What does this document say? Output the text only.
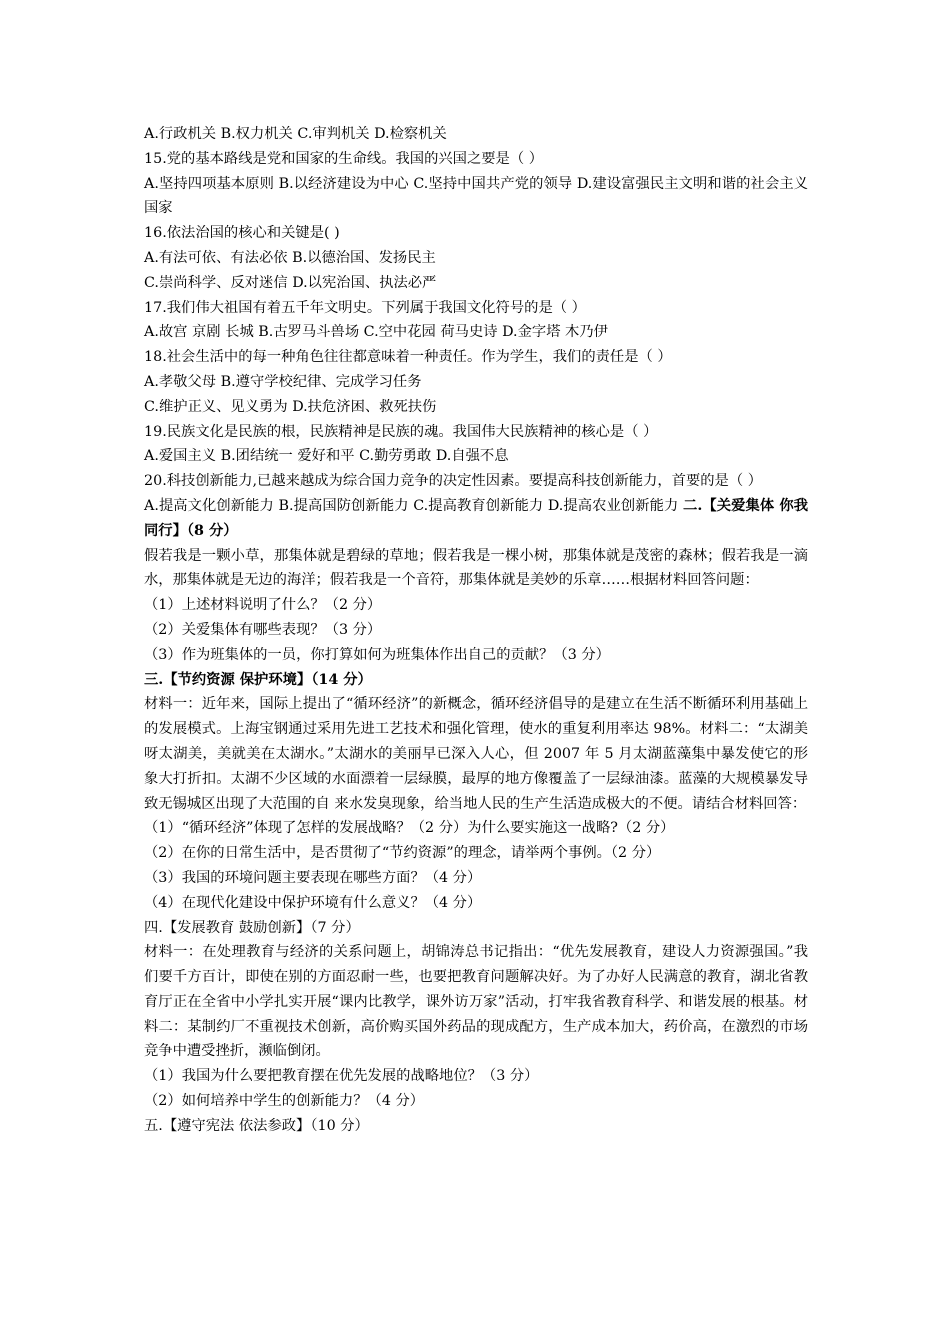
A.行政机关 B.权力机关 C.审判机关 D.检察机关
15.党的基本路线是党和国家的生命线。我国的兴国之要是（ ）
A.坚持四项基本原则 B.以经济建设为中心 C.坚持中国共产党的领导 D.建设富强民主文明和谐的社会主义国家
16.依法治国的核心和关键是( )
A.有法可依、有法必依 B.以德治国、发扬民主
C.崇尚科学、反对迷信 D.以宪治国、执法必严
17.我们伟大祖国有着五千年文明史。下列属于我国文化符号的是（ ）
A.故宫 京剧 长城 B.古罗马斗兽场 C.空中花园 荷马史诗 D.金字塔 木乃伊
18.社会生活中的每一种角色往往都意味着一种责任。作为学生，我们的责任是（ ）
A.孝敬父母 B.遵守学校纪律、完成学习任务
C.维护正义、见义勇为 D.扶危济困、救死扶伤
19.民族文化是民族的根，民族精神是民族的魂。我国伟大民族精神的核心是（ ）
A.爱国主义 B.团结统一 爱好和平 C.勤劳勇敢 D.自强不息
20.科技创新能力,已越来越成为综合国力竞争的决定性因素。要提高科技创新能力，首要的是（ ）
A.提高文化创新能力 B.提高国防创新能力 C.提高教育创新能力 D.提高农业创新能力 二.【关爱集体 你我同行】（8 分）
假若我是一颗小草，那集体就是碧绿的草地；假若我是一棵小树，那集体就是茂密的森林；假若我是一滴水，那集体就是无边的海洋；假若我是一个音符，那集体就是美妙的乐章……根据材料回答问题：
（1）上述材料说明了什么？（2 分）
（2）关爱集体有哪些表现？（3 分）
（3）作为班集体的一员，你打算如何为班集体作出自己的贡献？（3 分）
三.【节约资源 保护环境】（14 分）
材料一：近年来，国际上提出了“循环经济”的新概念，循环经济倡导的是建立在生活不断循环利用基础上的发展模式。上海宝钢通过采用先进工艺技术和强化管理，使水的重复利用率达 98%。材料二：“太湖美呀太湖美，美就美在太湖水。”太湖水的美丽早已深入人心，但 2007 年 5 月太湖蓝藻集中暴发使它的形象大打折扣。太湖不少区域的水面漂着一层绿膜，最厚的地方像覆盖了一层绿油漆。蓝藻的大规模暴发导致无锡城区出现了大范围的自 来水发臭现象，给当地人民的生产生活造成极大的不便。请结合材料回答：
（1）“循环经济”体现了怎样的发展战略？（2 分）为什么要实施这一战略?（2 分）
（2）在你的日常生活中，是否贯彻了“节约资源”的理念，请举两个事例。（2 分）
（3）我国的环境问题主要表现在哪些方面？（4 分）
（4）在现代化建设中保护环境有什么意义？（4 分）
四.【发展教育 鼓励创新】（7 分）
材料一：在处理教育与经济的关系问题上，胡锦涛总书记指出：“优先发展教育，建设人力资源强国。”我们要千方百计，即使在别的方面忍耐一些，也要把教育问题解决好。为了办好人民满意的教育，湖北省教育厅正在全省中小学扎实开展“课内比教学，课外访万家”活动，打牢我省教育科学、和谐发展的根基。材料二：某制约厂不重视技术创新，高价购买国外药品的现成配方，生产成本加大，药价高，在激烈的市场竞争中遭受挫折，濒临倒闭。
（1）我国为什么要把教育摆在优先发展的战略地位？（3 分）
（2）如何培养中学生的创新能力？（4 分）
五.【遵守宪法 依法参政】（10 分）
